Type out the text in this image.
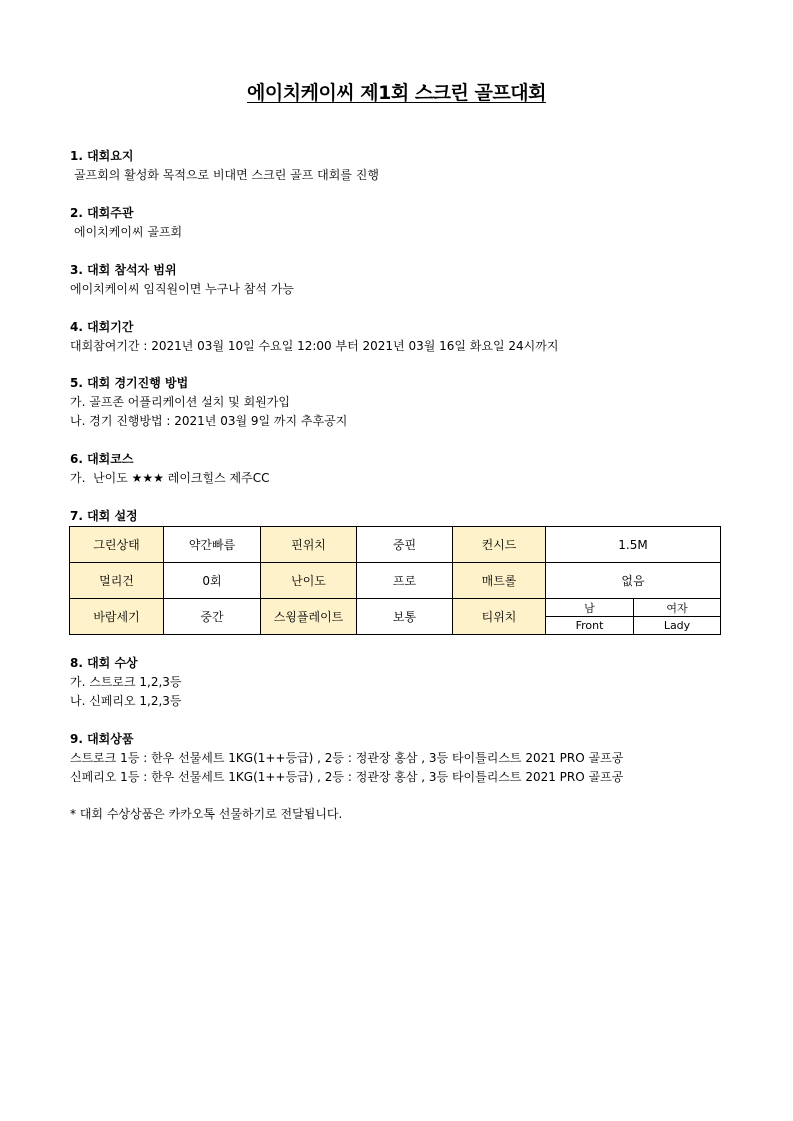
에이치케이씨 제1회 스크린 골프대회
1. 대회요지
골프회의 활성화 목적으로 비대면 스크린 골프 대회를 진행
2. 대회주관
에이치케이씨 골프회
3. 대회 참석자 범위
에이치케이씨 임직원이면 누구나 참석 가능
4. 대회기간
대회참여기간 : 2021년 03월 10일 수요일 12:00 부터 2021년 03월 16일 화요일 24시까지
5. 대회 경기진행 방법
가. 골프존 어플리케이션 설치 및 회원가입
나. 경기 진행방법 : 2021년 03월 9일 까지 추후공지
6. 대회코스
가.  난이도 ★★★ 레이크힐스 제주CC
7. 대회 설정
그린상태	약간빠름	핀위치	중핀	컨시드	1.5M	
멀리건	0회	난이도	프로	매트롤	없음	
바람세기	중간	스윙플레이트	보통	티위치	남	여자
					Front	Lady
8. 대회 수상
가. 스트로크 1,2,3등
나. 신페리오 1,2,3등
9. 대회상품
스트로크 1등 : 한우 선물세트 1KG(1++등급) , 2등 : 정관장 홍삼 , 3등 타이틀리스트 2021 PRO 골프공
신페리오 1등 : 한우 선물세트 1KG(1++등급) , 2등 : 정관장 홍삼 , 3등 타이틀리스트 2021 PRO 골프공
* 대회 수상상품은 카카오톡 선물하기로 전달됩니다.
